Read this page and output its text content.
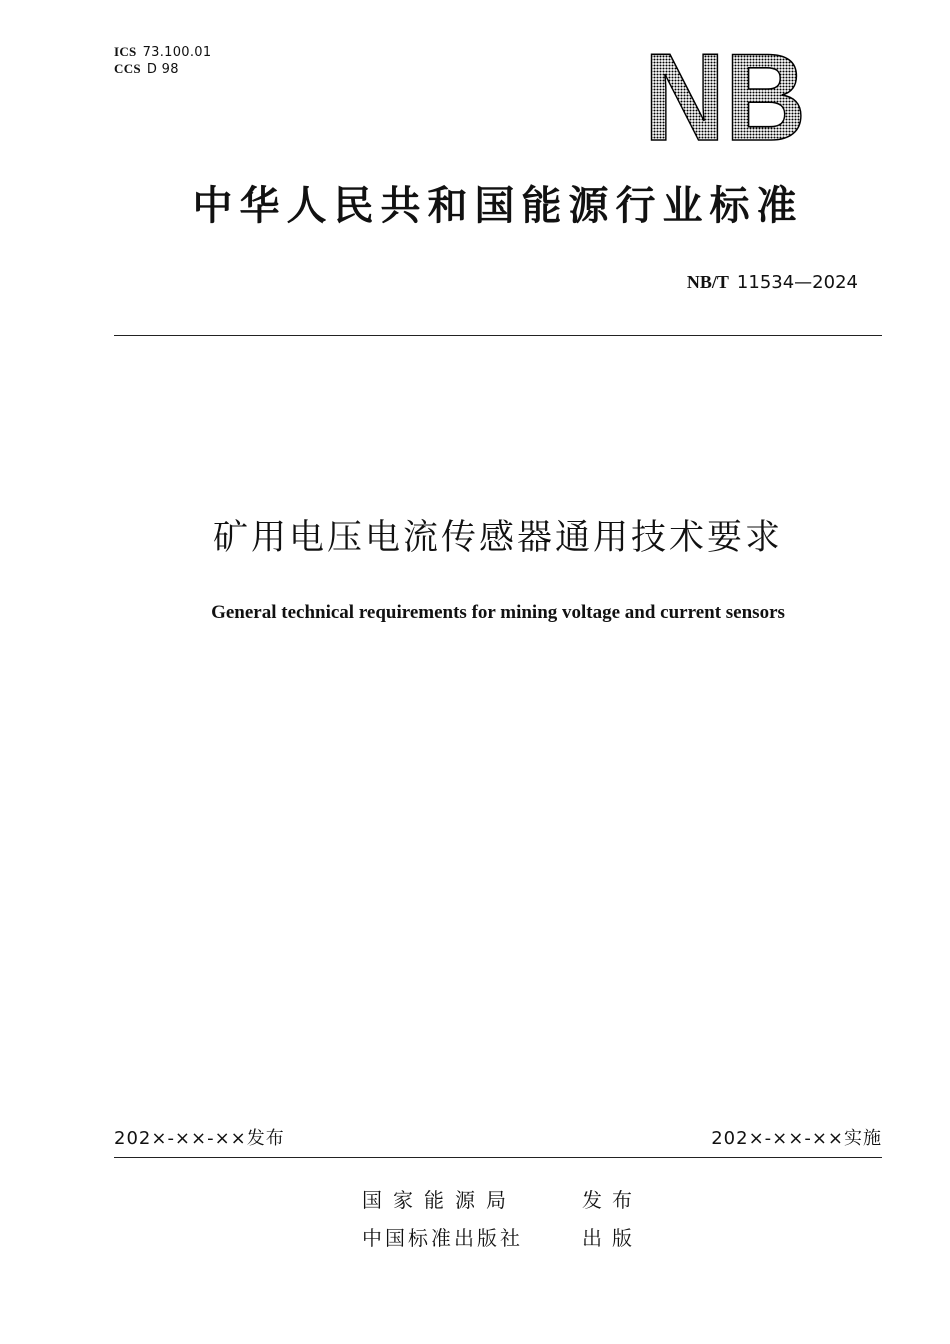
ICS 73.100.01
CCS D 98	NB
中华人民共和国能源行业标准
NB/T 11534—2024
矿用电压电流传感器通用技术要求
General technical requirements for mining voltage and current sensors
202×-××-××发布	202×-××-××实施
国家能源局	发布
中国标准出版社	出版
